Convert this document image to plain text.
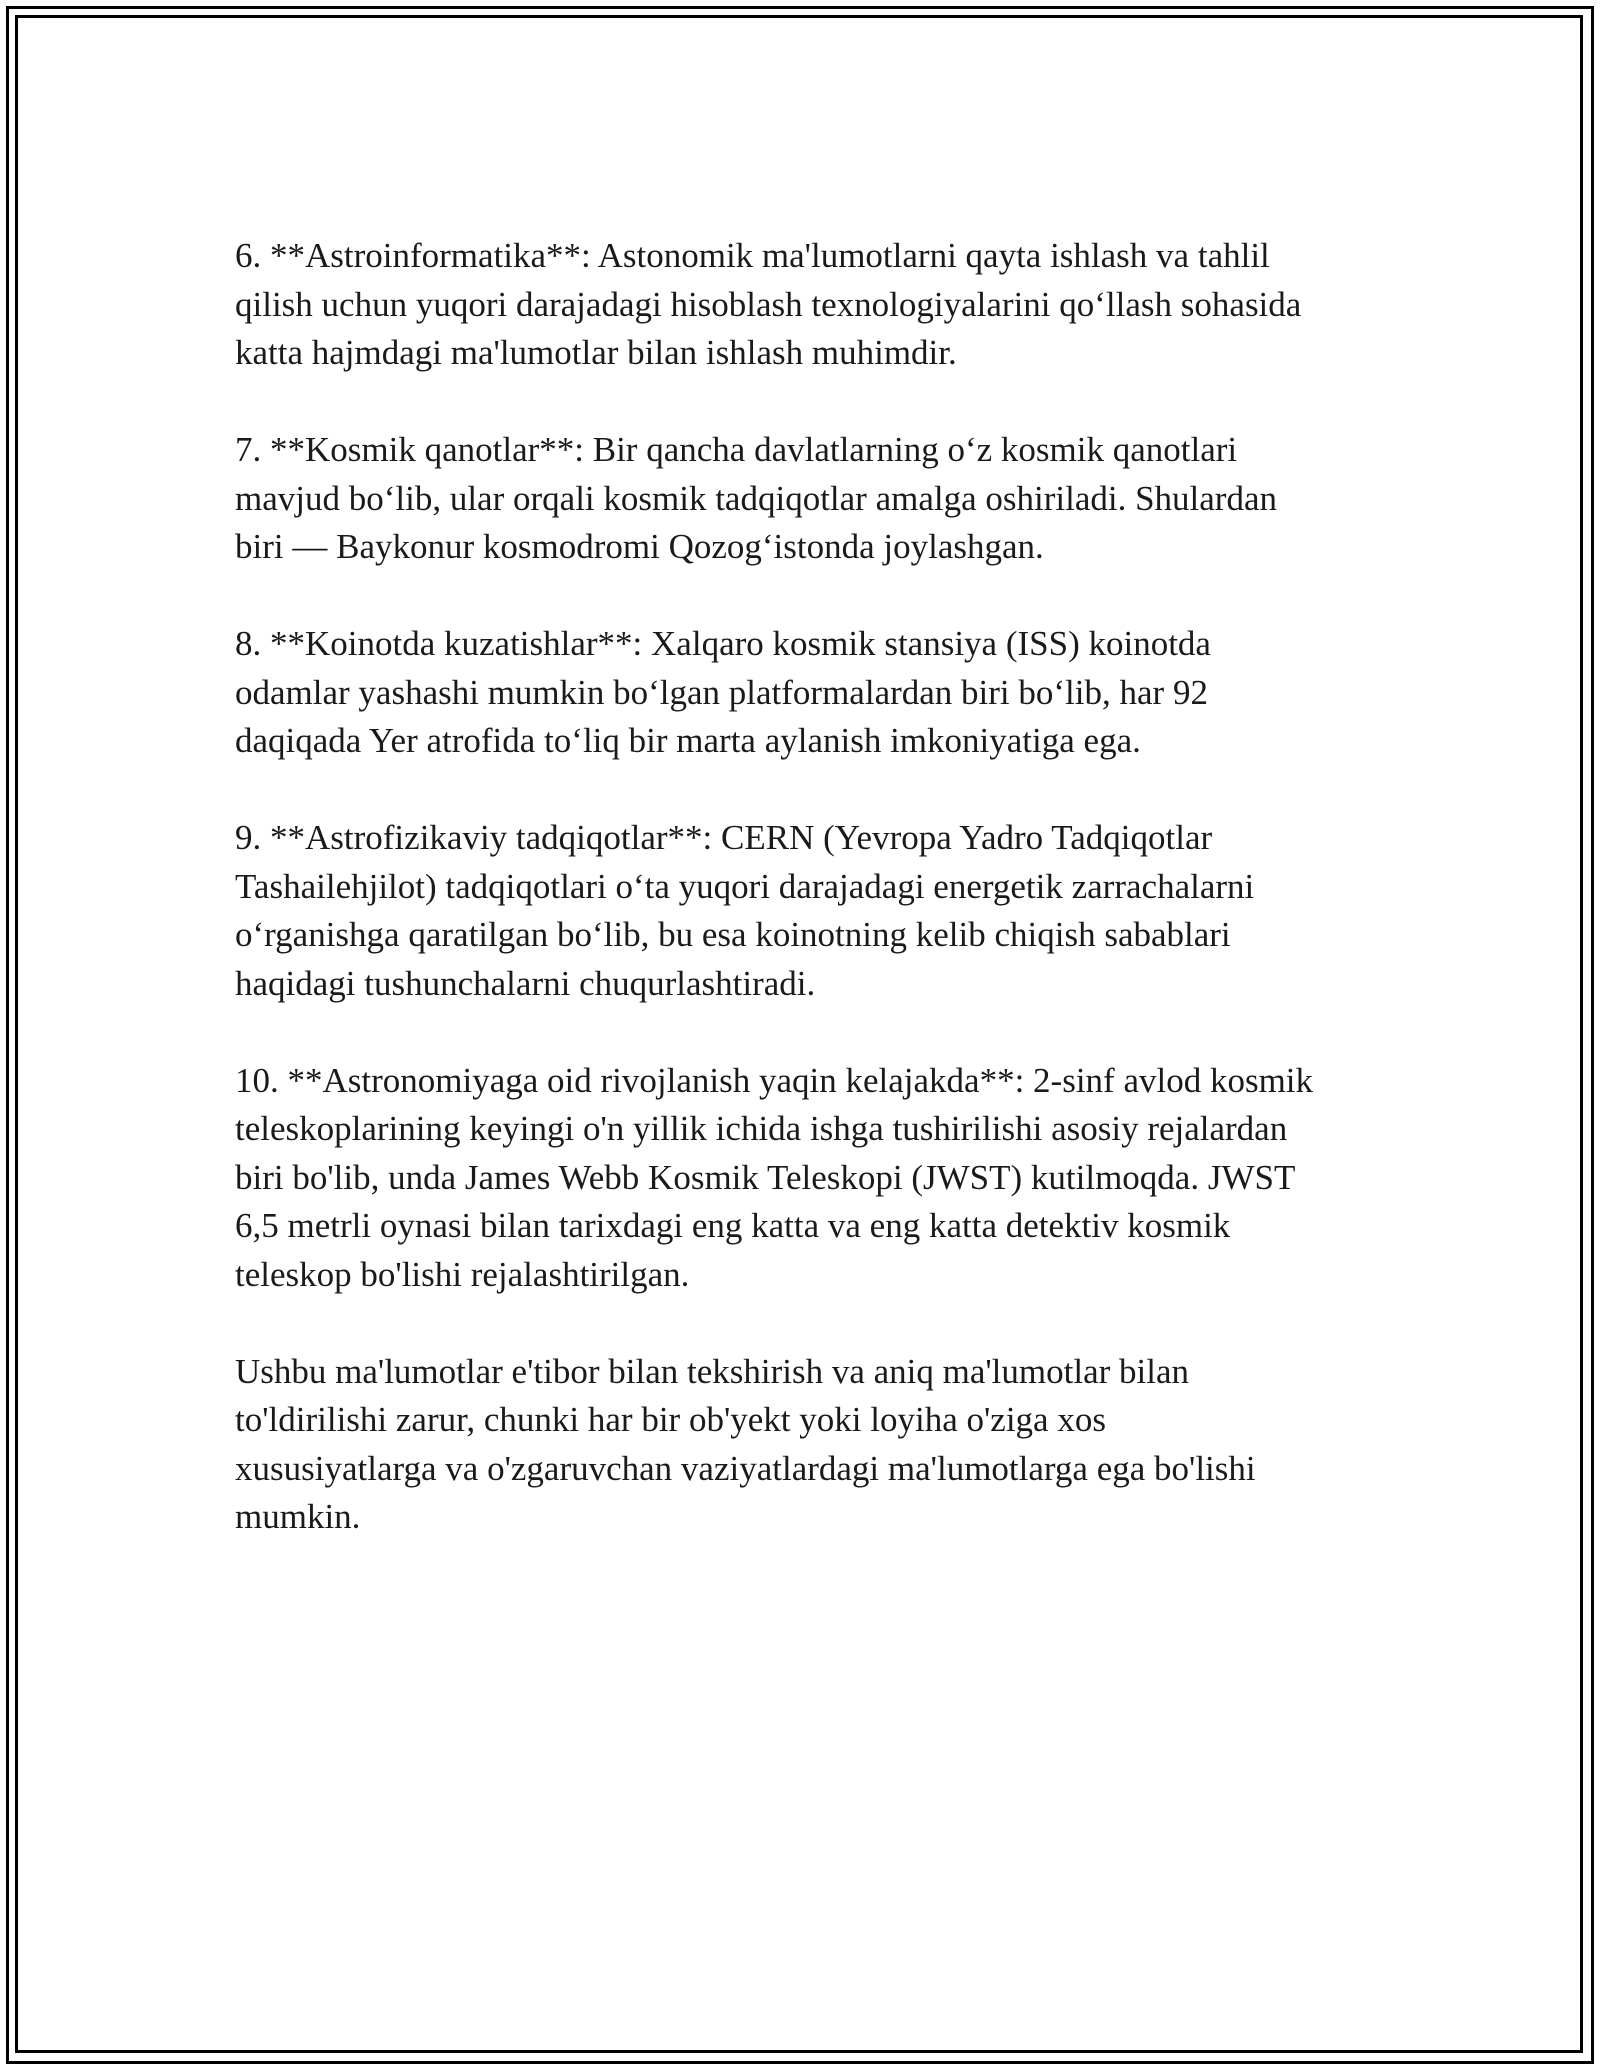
6. **Astroinformatika**: Astonomik ma'lumotlarni qayta ishlash va tahlil
qilish uchun yuqori darajadagi hisoblash texnologiyalarini qo‘llash sohasida
katta hajmdagi ma'lumotlar bilan ishlash muhimdir.

7. **Kosmik qanotlar**: Bir qancha davlatlarning o‘z kosmik qanotlari
mavjud bo‘lib, ular orqali kosmik tadqiqotlar amalga oshiriladi. Shulardan
biri — Baykonur kosmodromi Qozog‘istonda joylashgan.

8. **Koinotda kuzatishlar**: Xalqaro kosmik stansiya (ISS) koinotda
odamlar yashashi mumkin bo‘lgan platformalardan biri bo‘lib, har 92
daqiqada Yer atrofida to‘liq bir marta aylanish imkoniyatiga ega.

9. **Astrofizikaviy tadqiqotlar**: CERN (Yevropa Yadro Tadqiqotlar
Tashailehjilot) tadqiqotlari o‘ta yuqori darajadagi energetik zarrachalarni
o‘rganishga qaratilgan bo‘lib, bu esa koinotning kelib chiqish sabablari
haqidagi tushunchalarni chuqurlashtiradi.

10. **Astronomiyaga oid rivojlanish yaqin kelajakda**: 2-sinf avlod kosmik
teleskoplarining keyingi o'n yillik ichida ishga tushirilishi asosiy rejalardan
biri bo'lib, unda James Webb Kosmik Teleskopi (JWST) kutilmoqda. JWST
6,5 metrli oynasi bilan tarixdagi eng katta va eng katta detektiv kosmik
teleskop bo'lishi rejalashtirilgan.

Ushbu ma'lumotlar e'tibor bilan tekshirish va aniq ma'lumotlar bilan
to'ldirilishi zarur, chunki har bir ob'yekt yoki loyiha o'ziga xos
xususiyatlarga va o'zgaruvchan vaziyatlardagi ma'lumotlarga ega bo'lishi
mumkin.
